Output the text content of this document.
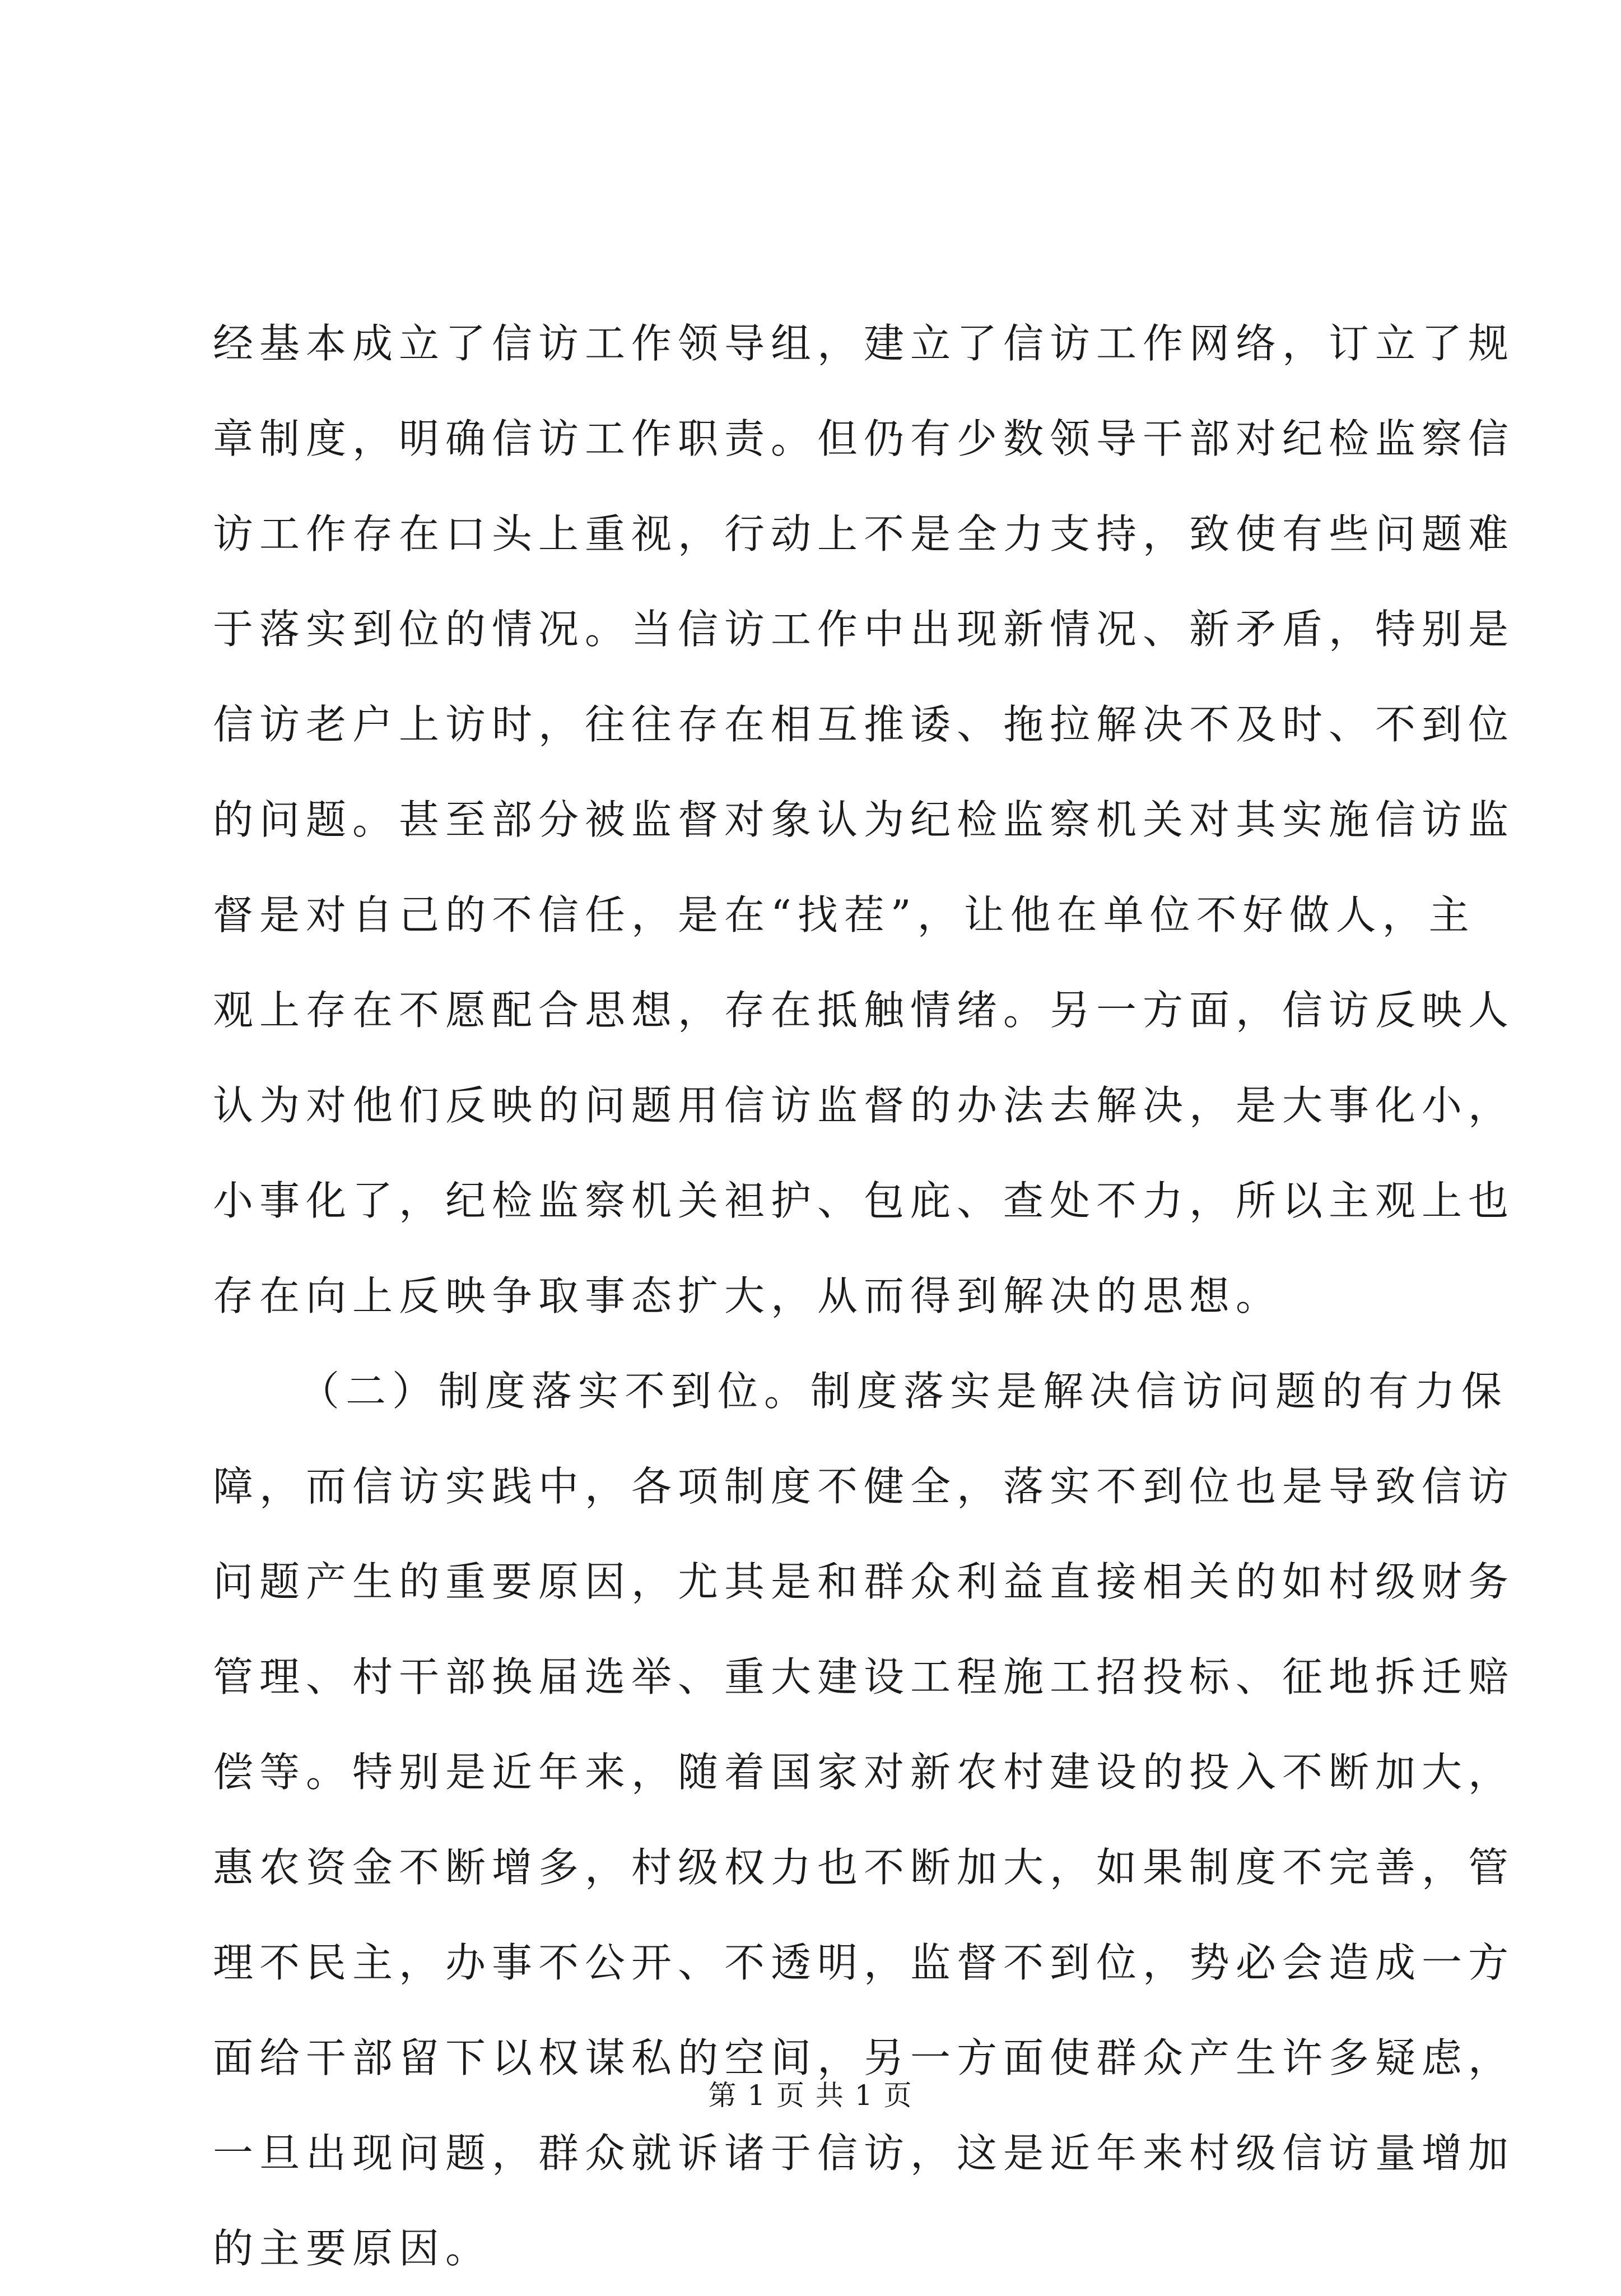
经基本成立了信访工作领导组，建立了信访工作网络，订立了规
章制度，明确信访工作职责。但仍有少数领导干部对纪检监察信
访工作存在口头上重视，行动上不是全力支持，致使有些问题难
于落实到位的情况。当信访工作中出现新情况、新矛盾，特别是
信访老户上访时，往往存在相互推诿、拖拉解决不及时、不到位
的问题。甚至部分被监督对象认为纪检监察机关对其实施信访监
督是对自己的不信任，是在“找茬”，让他在单位不好做人，主
观上存在不愿配合思想，存在抵触情绪。另一方面，信访反映人
认为对他们反映的问题用信访监督的办法去解决，是大事化小，
小事化了，纪检监察机关袒护、包庇、查处不力，所以主观上也
存在向上反映争取事态扩大，从而得到解决的思想。
（二）制度落实不到位。制度落实是解决信访问题的有力保
障，而信访实践中，各项制度不健全，落实不到位也是导致信访
问题产生的重要原因，尤其是和群众利益直接相关的如村级财务
管理、村干部换届选举、重大建设工程施工招投标、征地拆迁赔
偿等。特别是近年来，随着国家对新农村建设的投入不断加大，
惠农资金不断增多，村级权力也不断加大，如果制度不完善，管
理不民主，办事不公开、不透明，监督不到位，势必会造成一方
面给干部留下以权谋私的空间，另一方面使群众产生许多疑虑，
一旦出现问题，群众就诉诸于信访，这是近年来村级信访量增加
的主要原因。
第 1 页 共 1 页
